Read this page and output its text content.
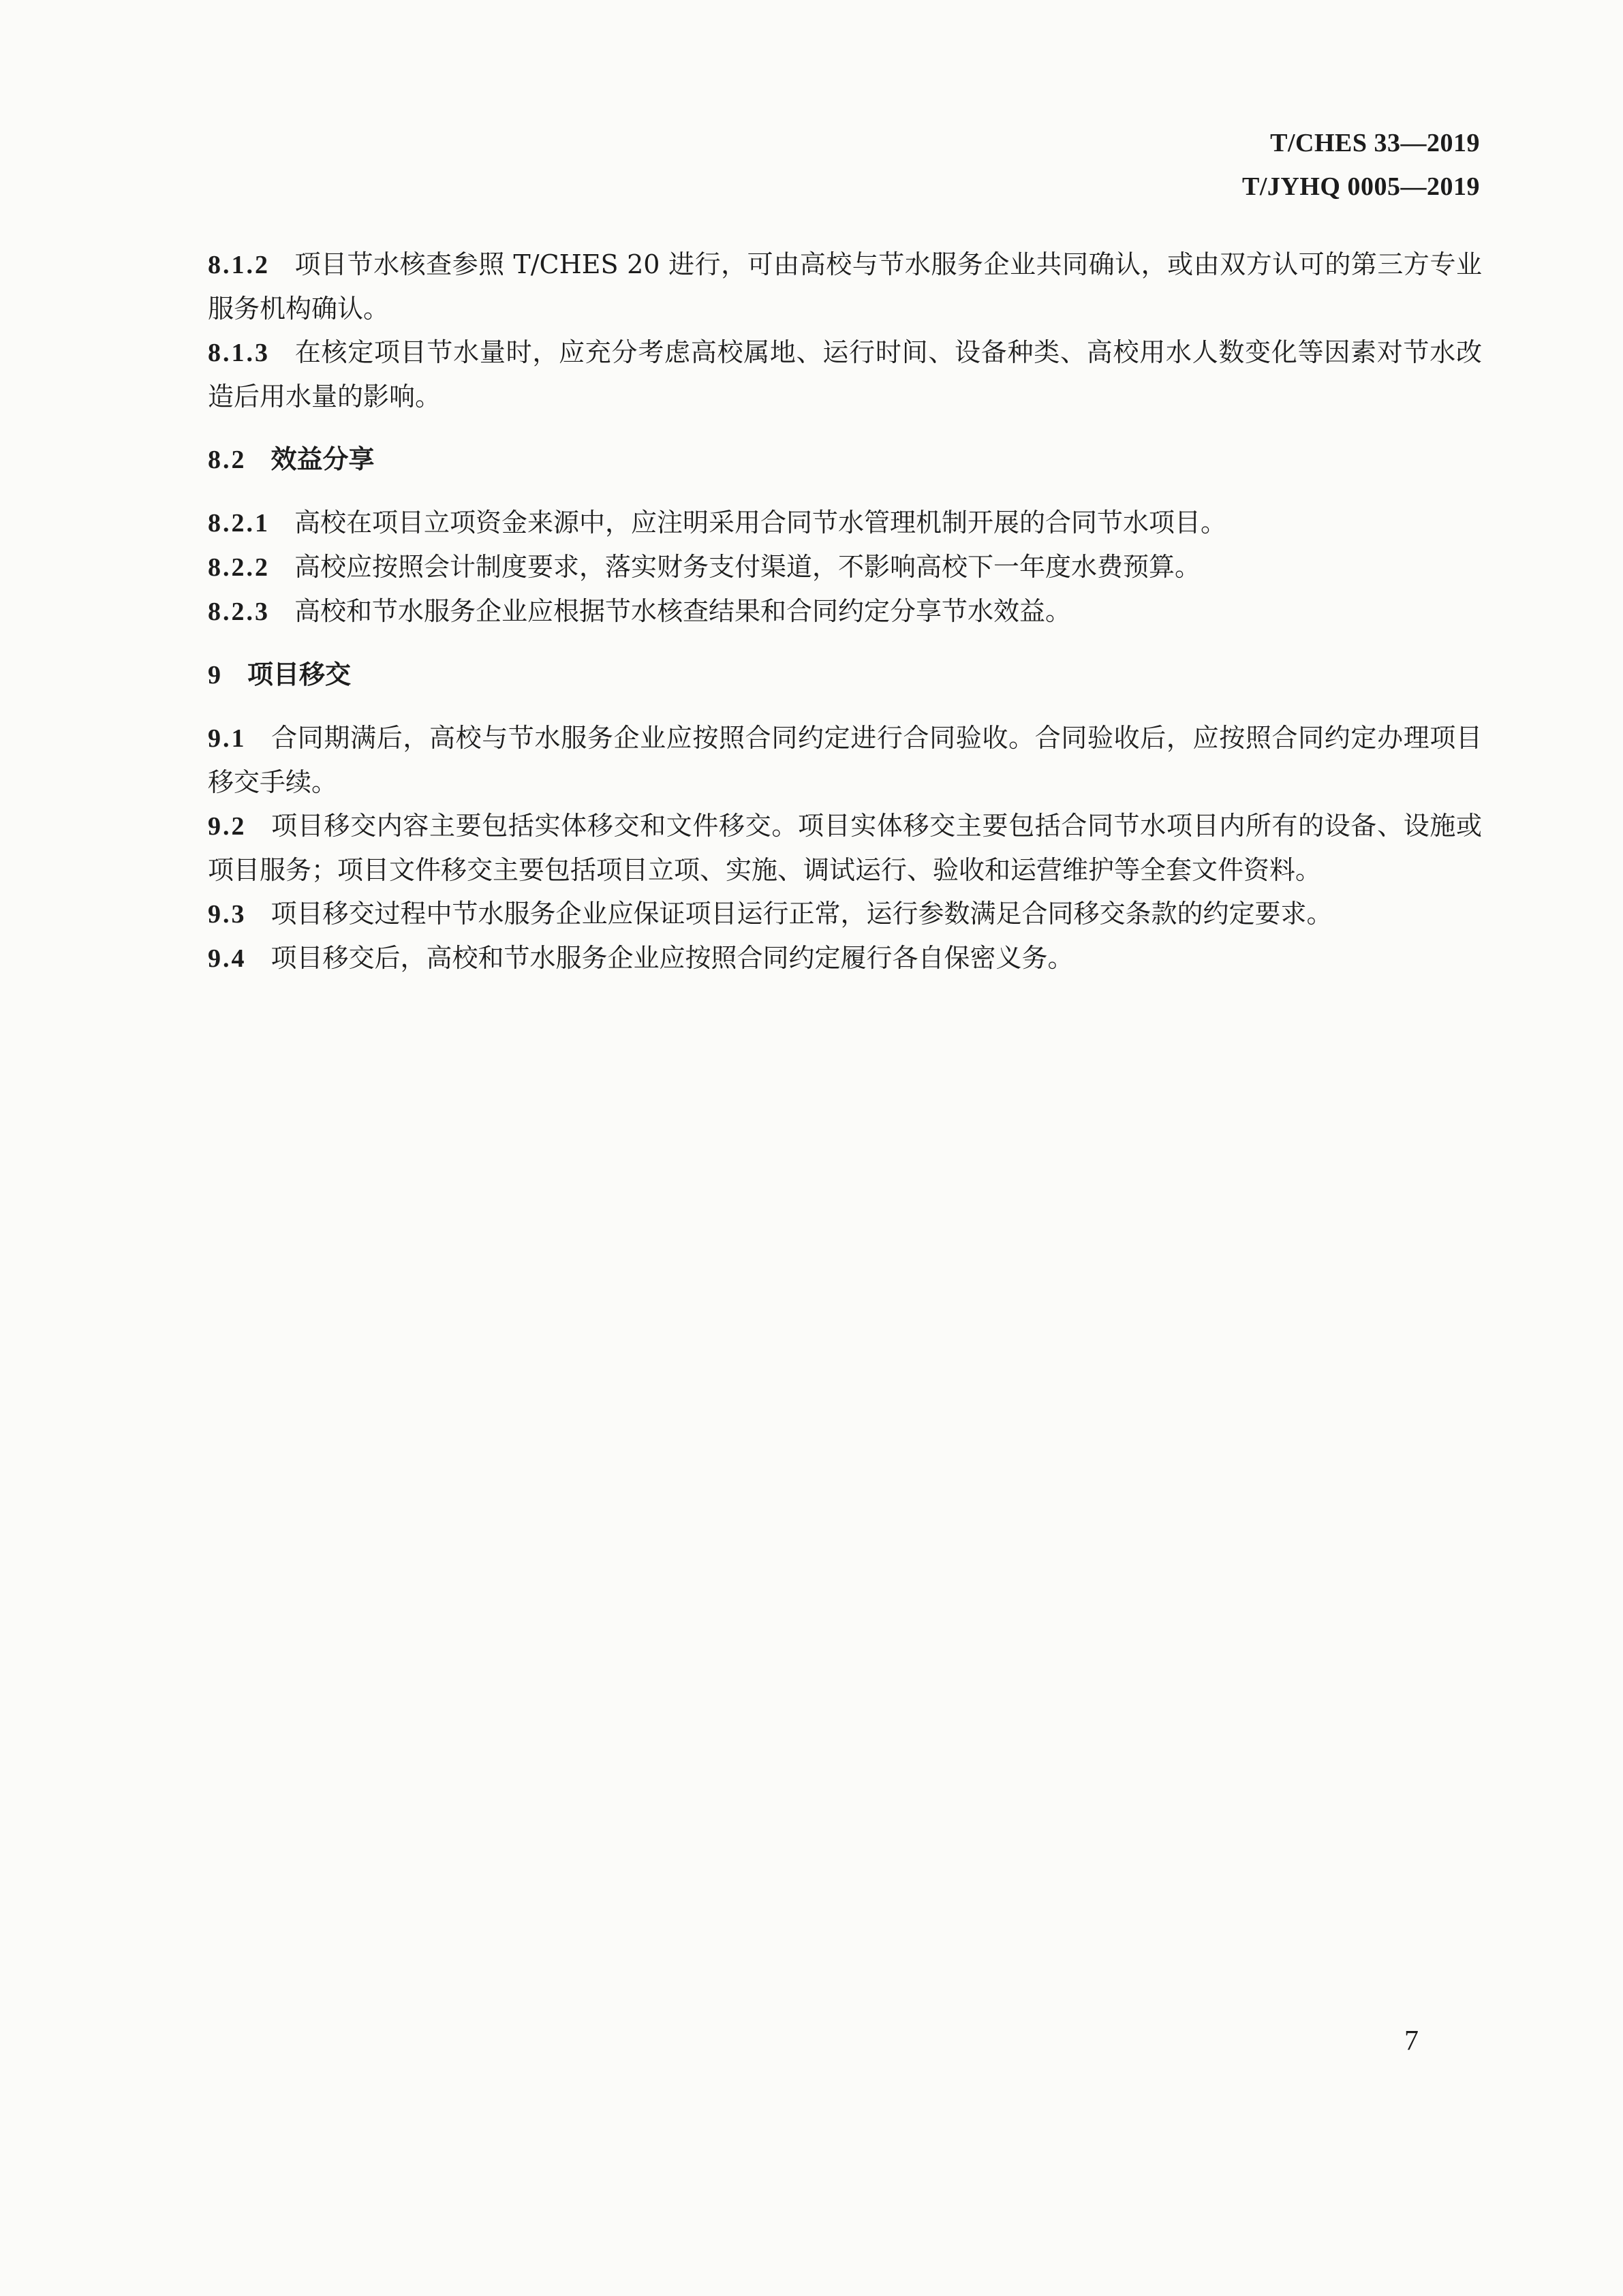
T/CHES 33—2019
T/JYHQ 0005—2019

8.1.2 项目节水核查参照 T/CHES 20 进行，可由高校与节水服务企业共同确认，或由双方认可的第三方专业服务机构确认。

8.1.3 在核定项目节水量时，应充分考虑高校属地、运行时间、设备种类、高校用水人数变化等因素对节水改造后用水量的影响。

8.2 效益分享

8.2.1 高校在项目立项资金来源中，应注明采用合同节水管理机制开展的合同节水项目。

8.2.2 高校应按照会计制度要求，落实财务支付渠道，不影响高校下一年度水费预算。

8.2.3 高校和节水服务企业应根据节水核查结果和合同约定分享节水效益。

9 项目移交

9.1 合同期满后，高校与节水服务企业应按照合同约定进行合同验收。合同验收后，应按照合同约定办理项目移交手续。

9.2 项目移交内容主要包括实体移交和文件移交。项目实体移交主要包括合同节水项目内所有的设备、设施或项目服务；项目文件移交主要包括项目立项、实施、调试运行、验收和运营维护等全套文件资料。

9.3 项目移交过程中节水服务企业应保证项目运行正常，运行参数满足合同移交条款的约定要求。

9.4 项目移交后，高校和节水服务企业应按照合同约定履行各自保密义务。

7
